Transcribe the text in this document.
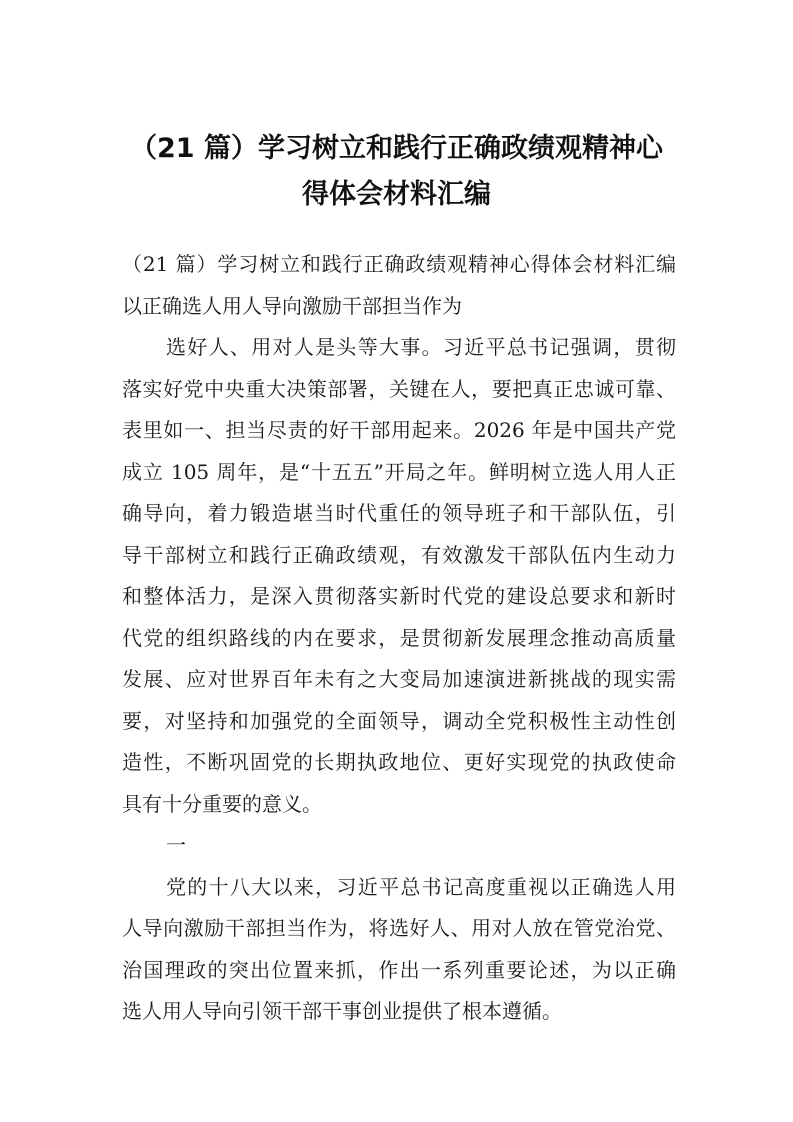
（21 篇）学习树立和践行正确政绩观精神心
得体会材料汇编
（21 篇）学习树立和践行正确政绩观精神心得体会材料汇编
以正确选人用人导向激励干部担当作为
选好人、用对人是头等大事。习近平总书记强调，贯彻
落实好党中央重大决策部署，关键在人，要把真正忠诚可靠、
表里如一、担当尽责的好干部用起来。2026 年是中国共产党
成立 105 周年，是“十五五”开局之年。鲜明树立选人用人正
确导向，着力锻造堪当时代重任的领导班子和干部队伍，引
导干部树立和践行正确政绩观，有效激发干部队伍内生动力
和整体活力，是深入贯彻落实新时代党的建设总要求和新时
代党的组织路线的内在要求，是贯彻新发展理念推动高质量
发展、应对世界百年未有之大变局加速演进新挑战的现实需
要，对坚持和加强党的全面领导，调动全党积极性主动性创
造性，不断巩固党的长期执政地位、更好实现党的执政使命
具有十分重要的意义。
一
党的十八大以来，习近平总书记高度重视以正确选人用
人导向激励干部担当作为，将选好人、用对人放在管党治党、
治国理政的突出位置来抓，作出一系列重要论述，为以正确
选人用人导向引领干部干事创业提供了根本遵循。
